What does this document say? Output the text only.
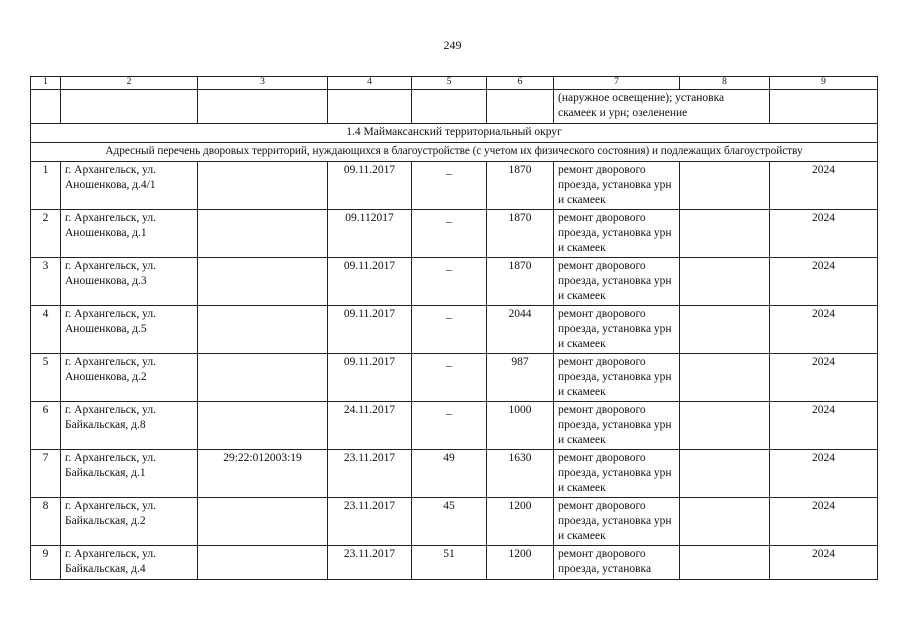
249
1	2	3	4	5	6	7	8	9
						(наружное освещение); установка скамеек и урн; озеленение		
1.4 Маймаксанский территориальный округ								
Адресный перечень дворовых территорий, нуждающихся в благоустройстве (с учетом их физического состояния) и подлежащих благоустройству								
1	г. Архангельск, ул. Аношенкова, д.4/1		09.11.2017	_	1870	ремонт дворового проезда, установка урн и скамеек		2024
2	г. Архангельск, ул. Аношенкова, д.1		09.112017	_	1870	ремонт дворового проезда, установка урн и скамеек		2024
3	г. Архангельск, ул. Аношенкова, д.3		09.11.2017	_	1870	ремонт дворового проезда, установка урн и скамеек		2024
4	г. Архангельск, ул. Аношенкова, д.5		09.11.2017	_	2044	ремонт дворового проезда, установка урн и скамеек		2024
5	г. Архангельск, ул. Аношенкова, д.2		09.11.2017	_	987	ремонт дворового проезда, установка урн и скамеек		2024
6	г. Архангельск, ул. Байкальская, д.8		24.11.2017	_	1000	ремонт дворового проезда, установка урн и скамеек		2024
7	г. Архангельск, ул. Байкальская, д.1	29:22:012003:19	23.11.2017	49	1630	ремонт дворового проезда, установка урн и скамеек		2024
8	г. Архангельск, ул. Байкальская, д.2		23.11.2017	45	1200	ремонт дворового проезда, установка урн и скамеек		2024
9	г. Архангельск, ул. Байкальская, д.4		23.11.2017	51	1200	ремонт дворового проезда, установка		2024
